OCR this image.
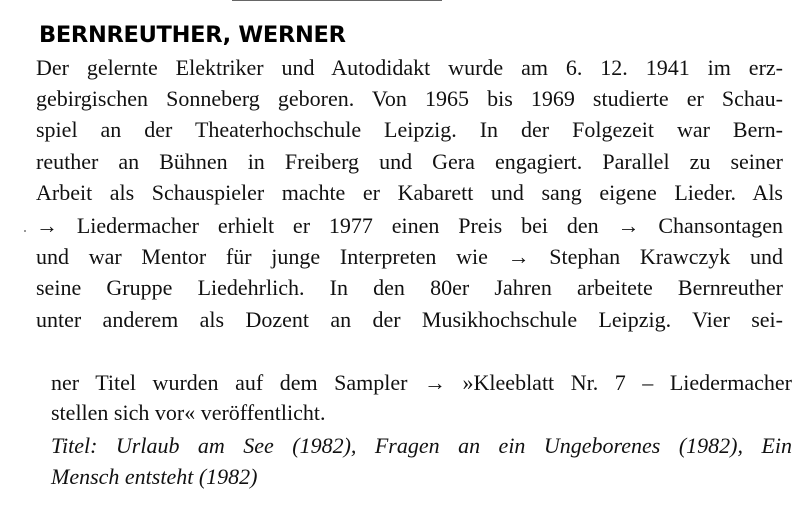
BERNREUTHER, WERNER

Der gelernte Elektriker und Autodidakt wurde am 6. 12. 1941 im erz-

gebirgischen Sonneberg geboren. Von 1965 bis 1969 studierte er Schau-

spiel an der Theaterhochschule Leipzig. In der Folgezeit war Bern-

reuther an Bühnen in Freiberg und Gera engagiert. Parallel zu seiner

Arbeit als Schauspieler machte er Kabarett und sang eigene Lieder. Als

→ Liedermacher erhielt er 1977 einen Preis bei den → Chansontagen

und war Mentor für junge Interpreten wie → Stephan Krawczyk und

seine Gruppe Liedehrlich. In den 80er Jahren arbeitete Bernreuther

unter anderem als Dozent an der Musikhochschule Leipzig. Vier sei-

ner Titel wurden auf dem Sampler → »Kleeblatt Nr. 7 – Liedermacher

stellen sich vor« veröffentlicht.

Titel: Urlaub am See (1982), Fragen an ein Ungeborenes (1982), Ein

Mensch entsteht (1982)
